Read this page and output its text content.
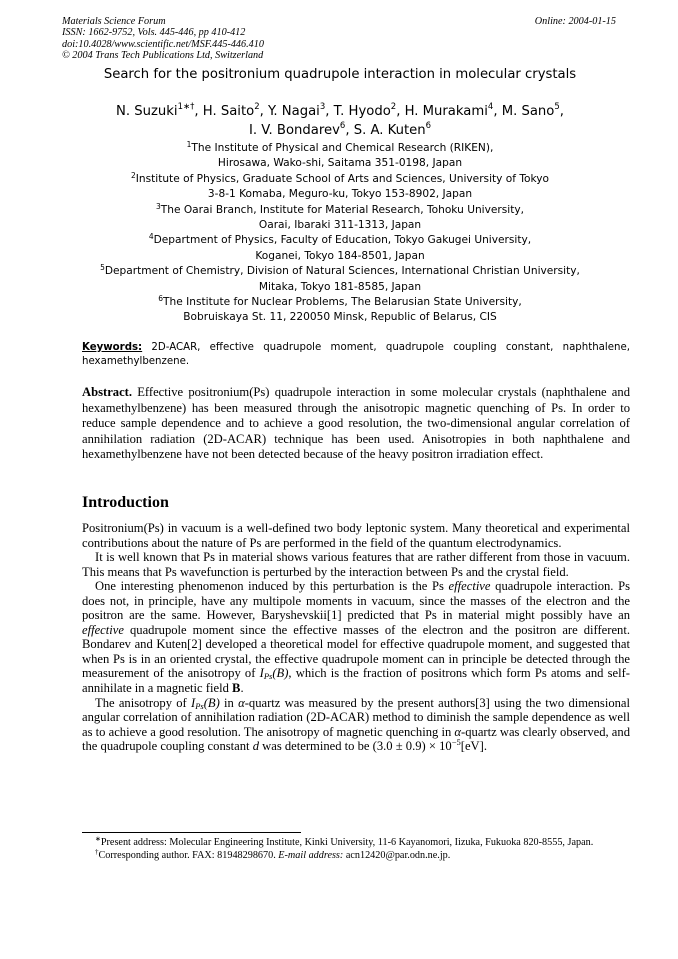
Materials Science Forum
ISSN: 1662-9752, Vols. 445-446, pp 410-412
doi:10.4028/www.scientific.net/MSF.445-446.410
© 2004 Trans Tech Publications Ltd, Switzerland
Online: 2004-01-15
Search for the positronium quadrupole interaction in molecular crystals
N. Suzuki$^{1∗\dagger}$, H. Saito$^2$, Y. Nagai$^3$, T. Hyodo$^2$, H. Murakami$^4$, M. Sano$^5$,
I. V. Bondarev$^6$, S. A. Kuten$^6$
$^1$The Institute of Physical and Chemical Research (RIKEN),
Hirosawa, Wako-shi, Saitama 351-0198, Japan
$^2$Institute of Physics, Graduate School of Arts and Sciences, University of Tokyo
3-8-1 Komaba, Meguro-ku, Tokyo 153-8902, Japan
$^3$The Oarai Branch, Institute for Material Research, Tohoku University,
Oarai, Ibaraki 311-1313, Japan
$^4$Department of Physics, Faculty of Education, Tokyo Gakugei University,
Koganei, Tokyo 184-8501, Japan
$^5$Department of Chemistry, Division of Natural Sciences, International Christian University,
Mitaka, Tokyo 181-8585, Japan
$^6$The Institute for Nuclear Problems, The Belarusian State University,
Bobruiskaya St. 11, 220050 Minsk, Republic of Belarus, CIS
Keywords: 2D-ACAR, effective quadrupole moment, quadrupole coupling constant, naphthalene, hexamethylbenzene.
Abstract. Effective positronium(Ps) quadrupole interaction in some molecular crystals (naphthalene and hexamethylbenzene) has been measured through the anisotropic magnetic quenching of Ps. In order to reduce sample dependence and to achieve a good resolution, the two-dimensional angular correlation of annihilation radiation (2D-ACAR) technique has been used. Anisotropies in both naphthalene and hexamethylbenzene have not been detected because of the heavy positron irradiation effect.
Introduction

Positronium(Ps) in vacuum is a well-defined two body leptonic system. Many theoretical and experimental contributions about the nature of Ps are performed in the field of the quantum electrodynamics.

It is well known that Ps in material shows various features that are rather different from those in vacuum. This means that Ps wavefunction is perturbed by the interaction between Ps and the crystal field.

One interesting phenomenon induced by this perturbation is the Ps effective quadrupole interaction. Ps does not, in principle, have any multipole moments in vacuum, since the masses of the electron and the positron are the same. However, Baryshevskii[1] predicted that Ps in material might possibly have an effective quadrupole moment since the effective masses of the electron and the positron are different. Bondarev and Kuten[2] developed a theoretical model for effective quadrupole moment, and suggested that when Ps is in an oriented crystal, the effective quadrupole moment can in principle be detected through the measurement of the anisotropy of $I_{Ps}(B)$, which is the fraction of positrons which form Ps atoms and self-annihilate in a magnetic field B.

The anisotropy of $I_{Ps}(B)$ in α-quartz was measured by the present authors[3] using the two dimensional angular correlation of annihilation radiation (2D-ACAR) method to diminish the sample dependence as well as to achieve a good resolution. The anisotropy of magnetic quenching in α-quartz was clearly observed, and the quadrupole coupling constant d was determined to be $(3.0 \pm 0.9) \times 10^{-5}[eV]$.

∗Present address: Molecular Engineering Institute, Kinki University, 11-6 Kayanomori, Iizuka, Fukuoka 820-8555, Japan.

†Corresponding author. FAX: 81948298670. E-mail address: acn12420@par.odn.ne.jp.
